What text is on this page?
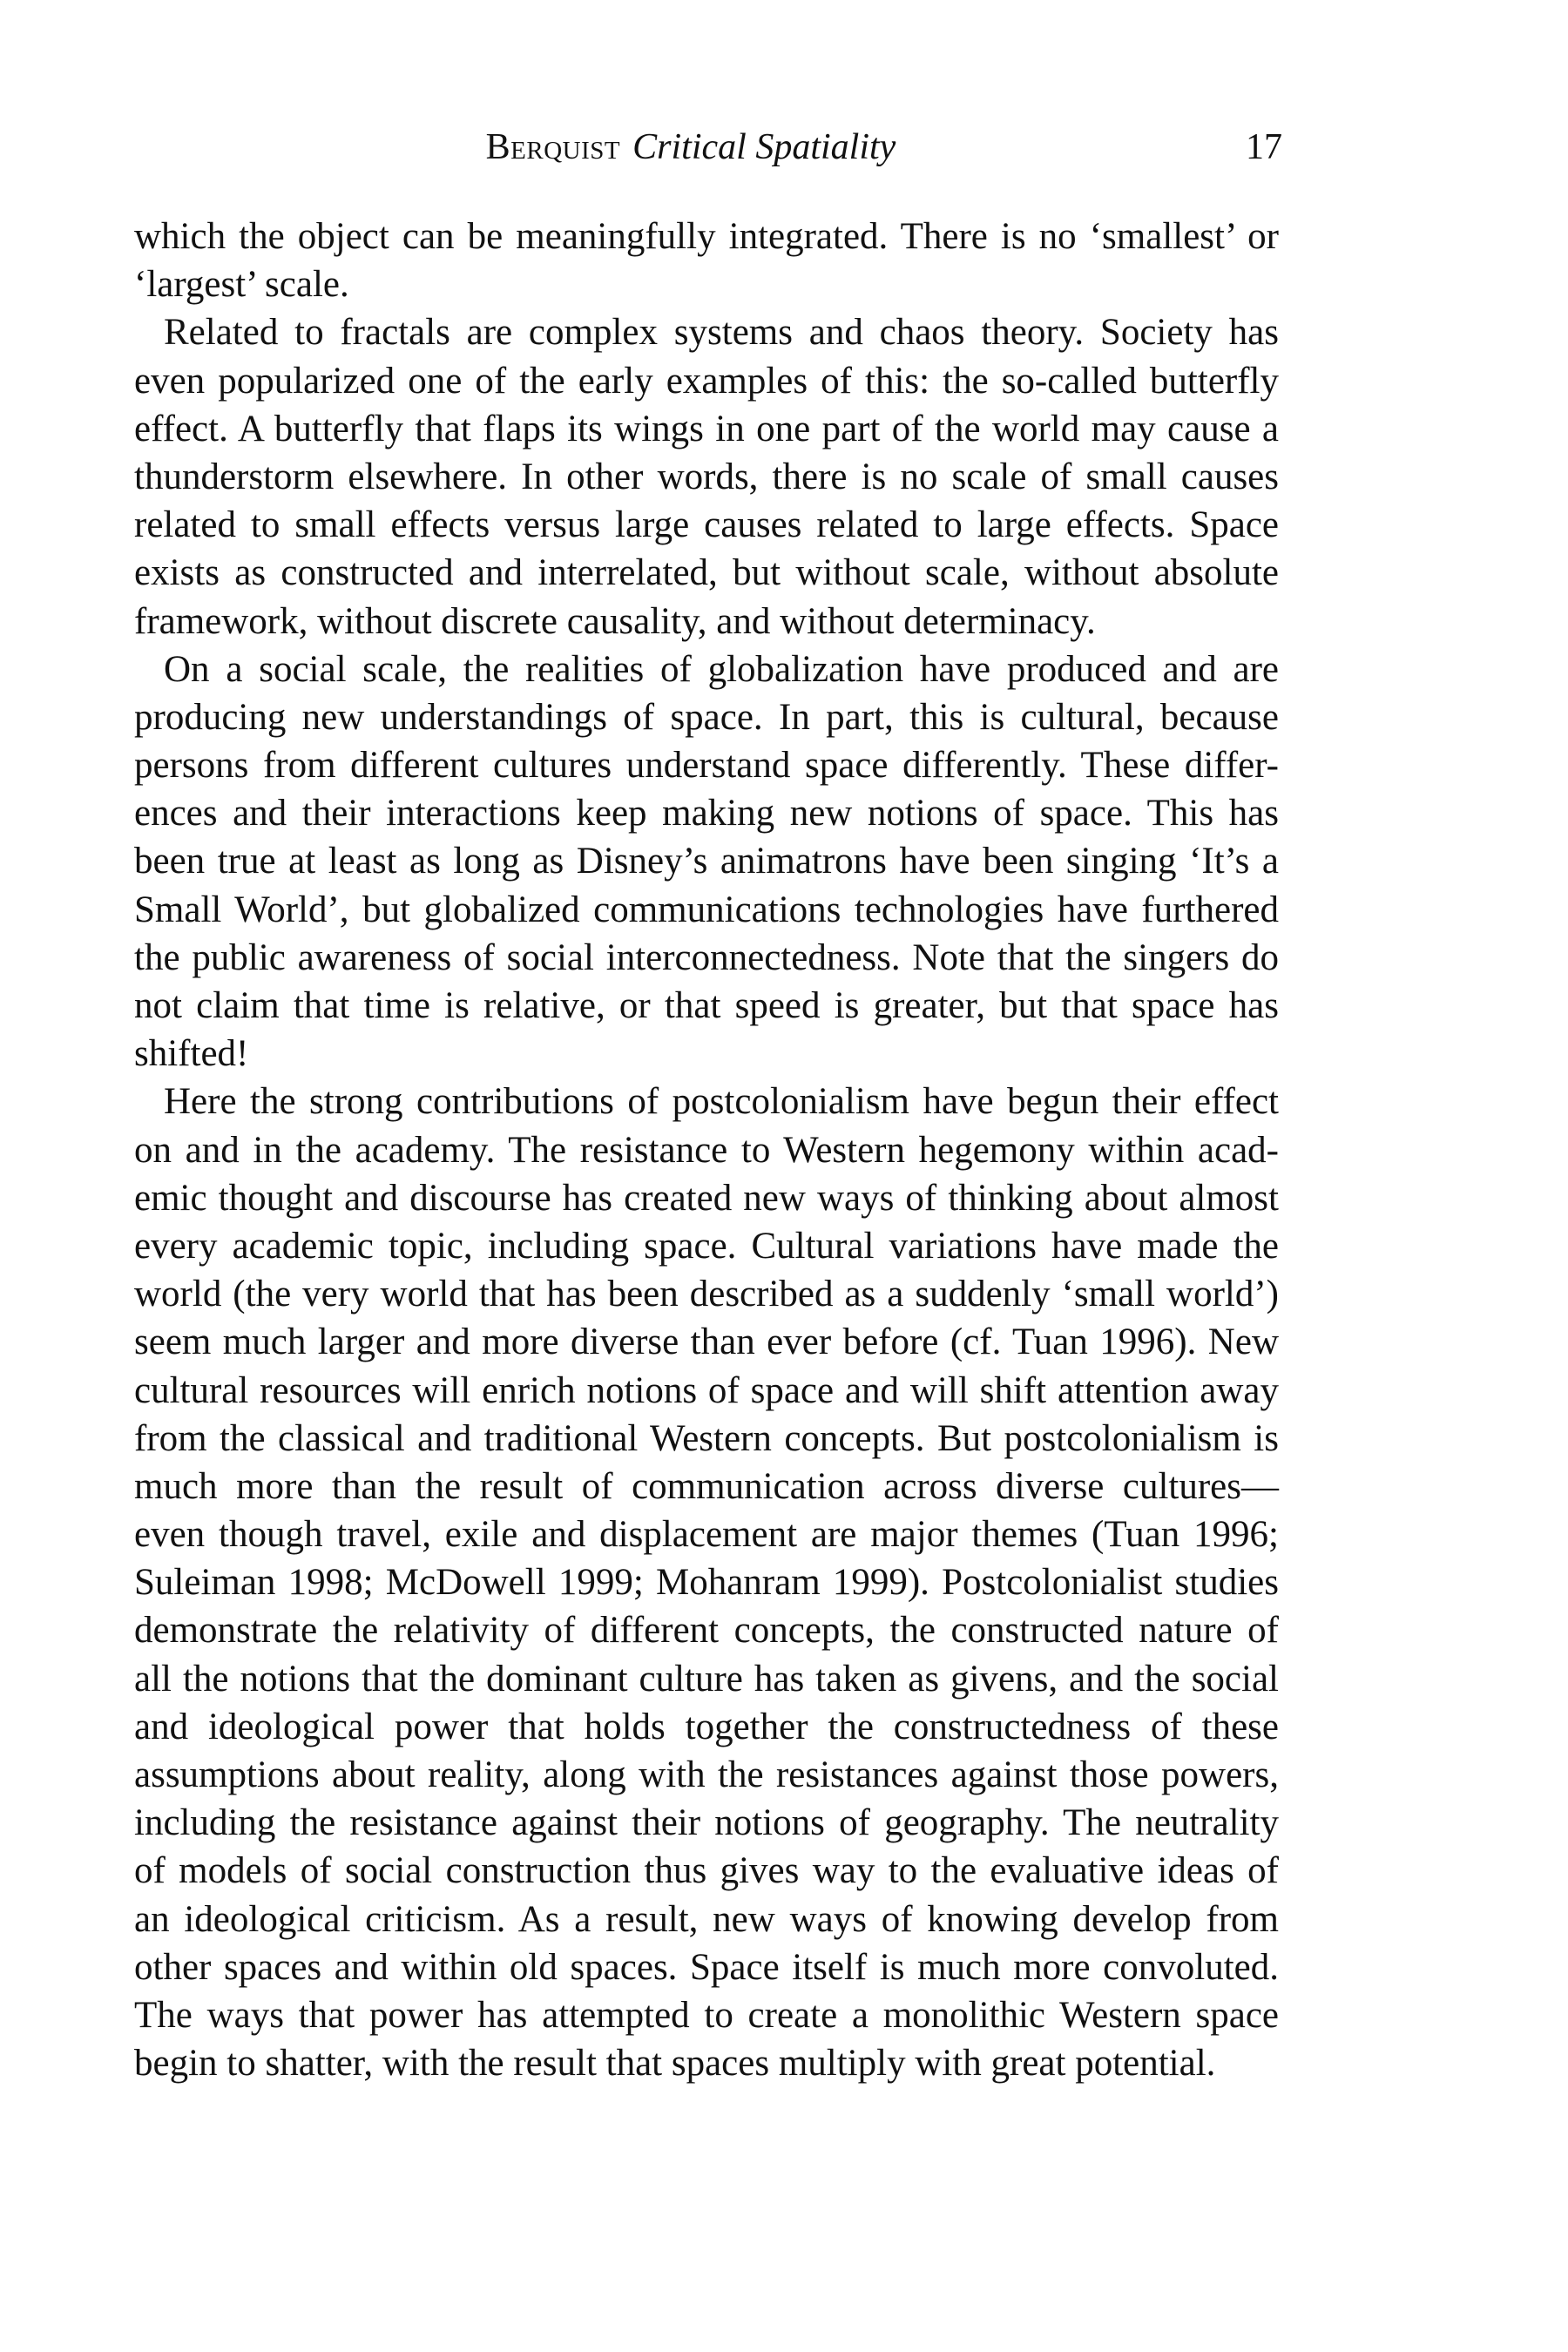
Berquist Critical Spatiality	17
which the object can be meaningfully integrated. There is no ‘smallest’ or
‘largest’ scale.
Related to fractals are complex systems and chaos theory. Society has
even popularized one of the early examples of this: the so-called butterfly
effect. A butterfly that flaps its wings in one part of the world may cause a
thunderstorm elsewhere. In other words, there is no scale of small causes
related to small effects versus large causes related to large effects. Space
exists as constructed and interrelated, but without scale, without absolute
framework, without discrete causality, and without determinacy.
On a social scale, the realities of globalization have produced and are
producing new understandings of space. In part, this is cultural, because
persons from different cultures understand space differently. These differ-
ences and their interactions keep making new notions of space. This has
been true at least as long as Disney’s animatrons have been singing ‘It’s a
Small World’, but globalized communications technologies have furthered
the public awareness of social interconnectedness. Note that the singers do
not claim that time is relative, or that speed is greater, but that space has
shifted!
Here the strong contributions of postcolonialism have begun their effect
on and in the academy. The resistance to Western hegemony within acad-
emic thought and discourse has created new ways of thinking about almost
every academic topic, including space. Cultural variations have made the
world (the very world that has been described as a suddenly ‘small world’)
seem much larger and more diverse than ever before (cf. Tuan 1996). New
cultural resources will enrich notions of space and will shift attention away
from the classical and traditional Western concepts. But postcolonialism is
much more than the result of communication across diverse cultures—
even though travel, exile and displacement are major themes (Tuan 1996;
Suleiman 1998; McDowell 1999; Mohanram 1999). Postcolonialist studies
demonstrate the relativity of different concepts, the constructed nature of
all the notions that the dominant culture has taken as givens, and the social
and ideological power that holds together the constructedness of these
assumptions about reality, along with the resistances against those powers,
including the resistance against their notions of geography. The neutrality
of models of social construction thus gives way to the evaluative ideas of
an ideological criticism. As a result, new ways of knowing develop from
other spaces and within old spaces. Space itself is much more convoluted.
The ways that power has attempted to create a monolithic Western space
begin to shatter, with the result that spaces multiply with great potential.
